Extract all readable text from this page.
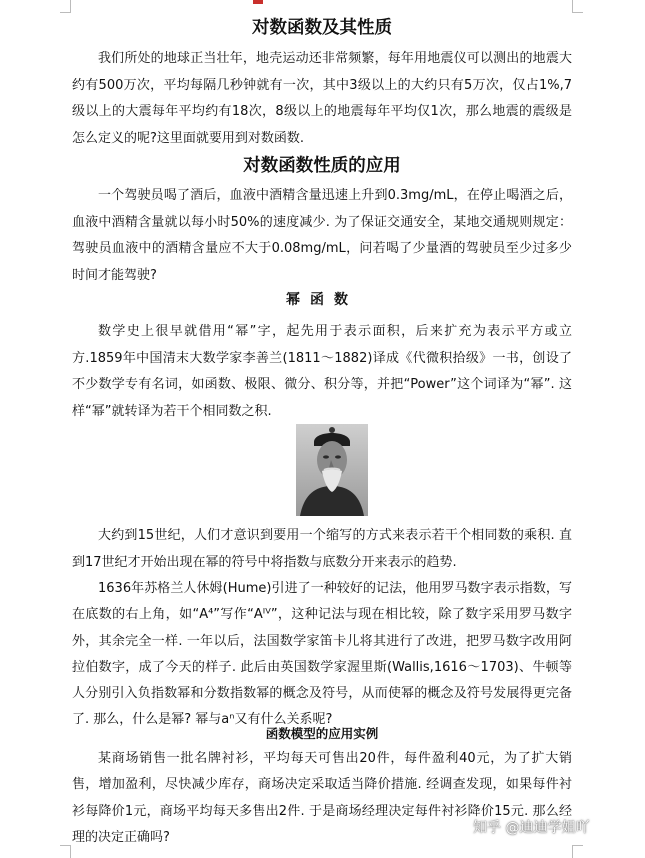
对数函数及其性质

我们所处的地球正当壮年，地壳运动还非常频繁，每年用地震仪可以测出的地震大约有500万次，平均每隔几秒钟就有一次，其中3级以上的大约只有5万次，仅占1%,7级以上的大震每年平均约有18次，8级以上的地震每年平均仅1次，那么地震的震级是怎么定义的呢?这里面就要用到对数函数.

对数函数性质的应用

一个驾驶员喝了酒后，血液中酒精含量迅速上升到0.3mg/mL，在停止喝酒之后，血液中酒精含量就以每小时50%的速度减少. 为了保证交通安全，某地交通规则规定：驾驶员血液中的酒精含量应不大于0.08mg/mL，问若喝了少量酒的驾驶员至少过多少时间才能驾驶?

幂函数

数学史上很早就借用“幂”字，起先用于表示面积，后来扩充为表示平方或立方.1859年中国清末大数学家李善兰(1811～1882)译成《代微积拾级》一书，创设了不少数学专有名词，如函数、极限、微分、积分等，并把“Power”这个词译为“幂”. 这样“幂”就转译为若干个相同数之积.

大约到15世纪，人们才意识到要用一个缩写的方式来表示若干个相同数的乘积. 直到17世纪才开始出现在幂的符号中将指数与底数分开来表示的趋势.

1636年苏格兰人休姆(Hume)引进了一种较好的记法，他用罗马数字表示指数，写在底数的右上角，如“A⁴”写作“Aᴵⱽ”，这种记法与现在相比较，除了数字采用罗马数字外，其余完全一样. 一年以后，法国数学家笛卡儿将其进行了改进，把罗马数字改用阿拉伯数字，成了今天的样子. 此后由英国数学家渥里斯(Wallis,1616～1703)、牛顿等人分别引入负指数幂和分数指数幂的概念及符号，从而使幂的概念及符号发展得更完备了. 那么，什么是幂? 幂与aⁿ又有什么关系呢?

函数模型的应用实例

某商场销售一批名牌衬衫，平均每天可售出20件，每件盈利40元，为了扩大销售，增加盈利，尽快减少库存，商场决定采取适当降价措施. 经调查发现，如果每件衬衫每降价1元，商场平均每天多售出2件. 于是商场经理决定每件衬衫降价15元. 那么经理的决定正确吗?

知乎 @迪迪学姐吖
